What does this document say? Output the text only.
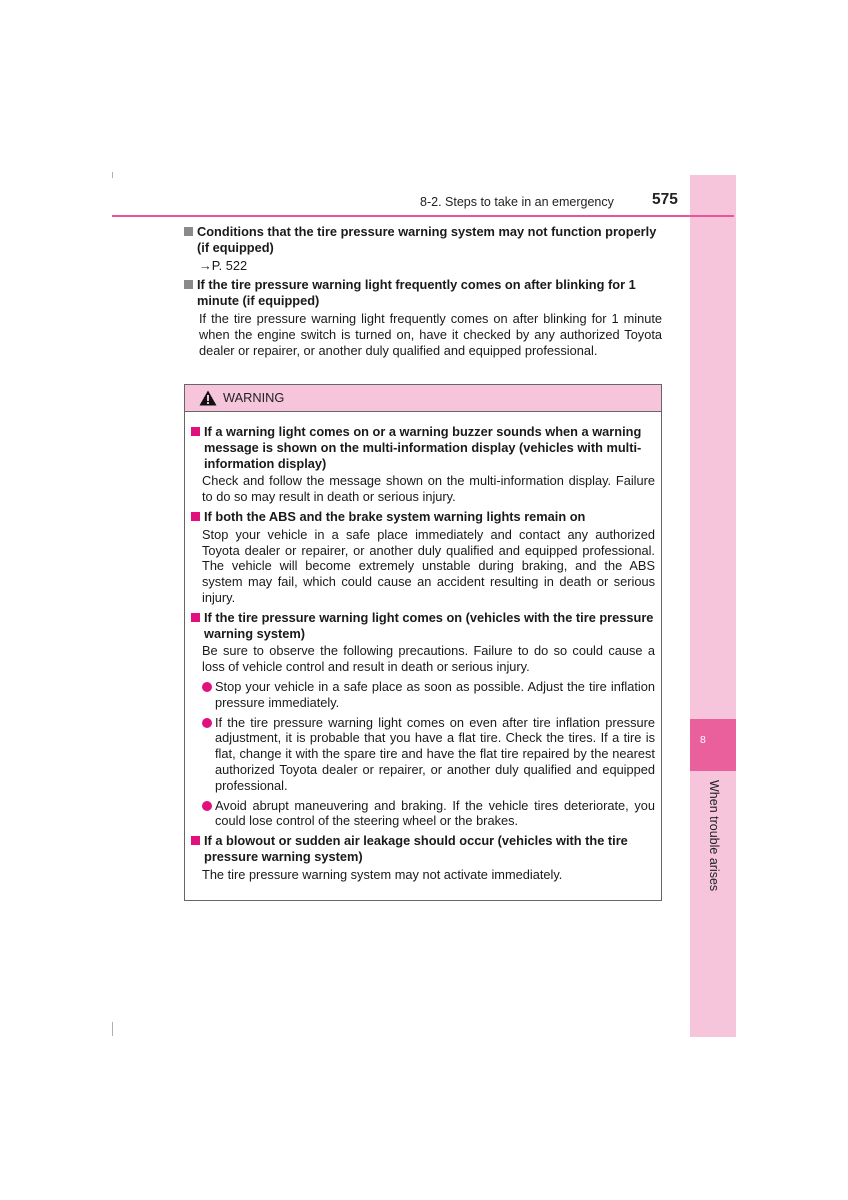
8
When trouble arises
8-2. Steps to take in an emergency 575
Conditions that the tire pressure warning system may not function properly (if equipped)
→P. 522
If the tire pressure warning light frequently comes on after blinking for 1 minute (if equipped)
If the tire pressure warning light frequently comes on after blinking for 1 minute when the engine switch is turned on, have it checked by any authorized Toyota dealer or repairer, or another duly qualified and equipped professional.
WARNING
If a warning light comes on or a warning buzzer sounds when a warning message is shown on the multi-information display (vehicles with multi-information display)
Check and follow the message shown on the multi-information display. Failure to do so may result in death or serious injury.
If both the ABS and the brake system warning lights remain on
Stop your vehicle in a safe place immediately and contact any authorized Toyota dealer or repairer, or another duly qualified and equipped professional. The vehicle will become extremely unstable during braking, and the ABS system may fail, which could cause an accident resulting in death or serious injury.
If the tire pressure warning light comes on (vehicles with the tire pressure warning system)
Be sure to observe the following precautions. Failure to do so could cause a loss of vehicle control and result in death or serious injury.
Stop your vehicle in a safe place as soon as possible. Adjust the tire inflation pressure immediately.
If the tire pressure warning light comes on even after tire inflation pressure adjustment, it is probable that you have a flat tire. Check the tires. If a tire is flat, change it with the spare tire and have the flat tire repaired by the nearest authorized Toyota dealer or repairer, or another duly qualified and equipped professional.
Avoid abrupt maneuvering and braking. If the vehicle tires deteriorate, you could lose control of the steering wheel or the brakes.
If a blowout or sudden air leakage should occur (vehicles with the tire pressure warning system)
The tire pressure warning system may not activate immediately.
